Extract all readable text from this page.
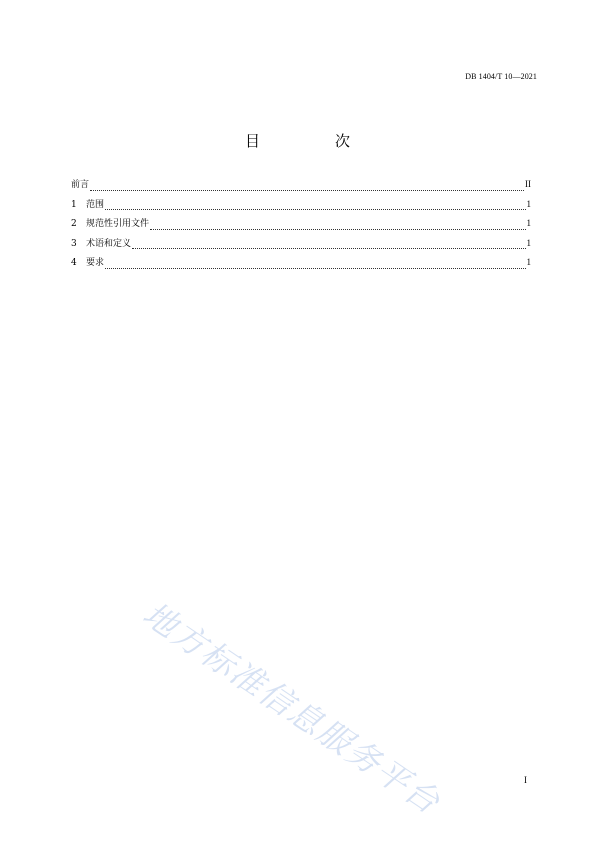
DB 1404/T 10—2021
目　次
前言	II
1 范围	1
2 规范性引用文件	1
3 术语和定义	1
4 要求	1
地方标准信息服务平台	I
